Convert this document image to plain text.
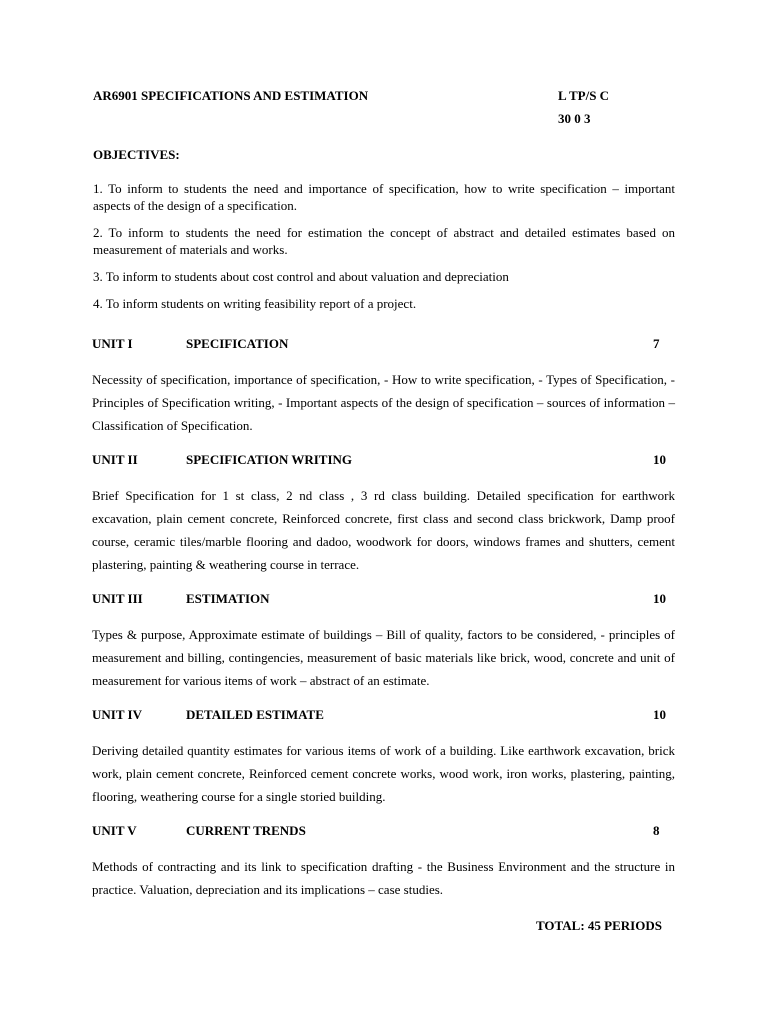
AR6901 SPECIFICATIONS AND ESTIMATION	L TP/S C
30 0 3
OBJECTIVES:

1. To inform to students the need and importance of specification, how to write specification – important aspects of the design of a specification.

2. To inform to students the need for estimation the concept of abstract and detailed estimates based on measurement of materials and works.

3. To inform to students about cost control and about valuation and depreciation

4. To inform students on writing feasibility report of a project.

UNIT I	SPECIFICATION	7

Necessity of specification, importance of specification, - How to write specification, - Types of Specification, -Principles of Specification writing, - Important aspects of the design of specification – sources of information – Classification of Specification.

UNIT II	SPECIFICATION WRITING	10

Brief Specification for 1 st class, 2 nd class , 3 rd class building. Detailed specification for earthwork excavation, plain cement concrete, Reinforced concrete, first class and second class brickwork, Damp proof course, ceramic tiles/marble flooring and dadoo, woodwork for doors, windows frames and shutters, cement plastering, painting & weathering course in terrace.

UNIT III	ESTIMATION	10

Types & purpose, Approximate estimate of buildings – Bill of quality, factors to be considered, - principles of measurement and billing, contingencies, measurement of basic materials like brick, wood, concrete and unit of measurement for various items of work – abstract of an estimate.

UNIT IV	DETAILED ESTIMATE	10

Deriving detailed quantity estimates for various items of work of a building. Like earthwork excavation, brick work, plain cement concrete, Reinforced cement concrete works, wood work, iron works, plastering, painting, flooring, weathering course for a single storied building.

UNIT V	CURRENT TRENDS	8

Methods of contracting and its link to specification drafting - the Business Environment and the structure in practice. Valuation, depreciation and its implications – case studies.

TOTAL: 45 PERIODS
